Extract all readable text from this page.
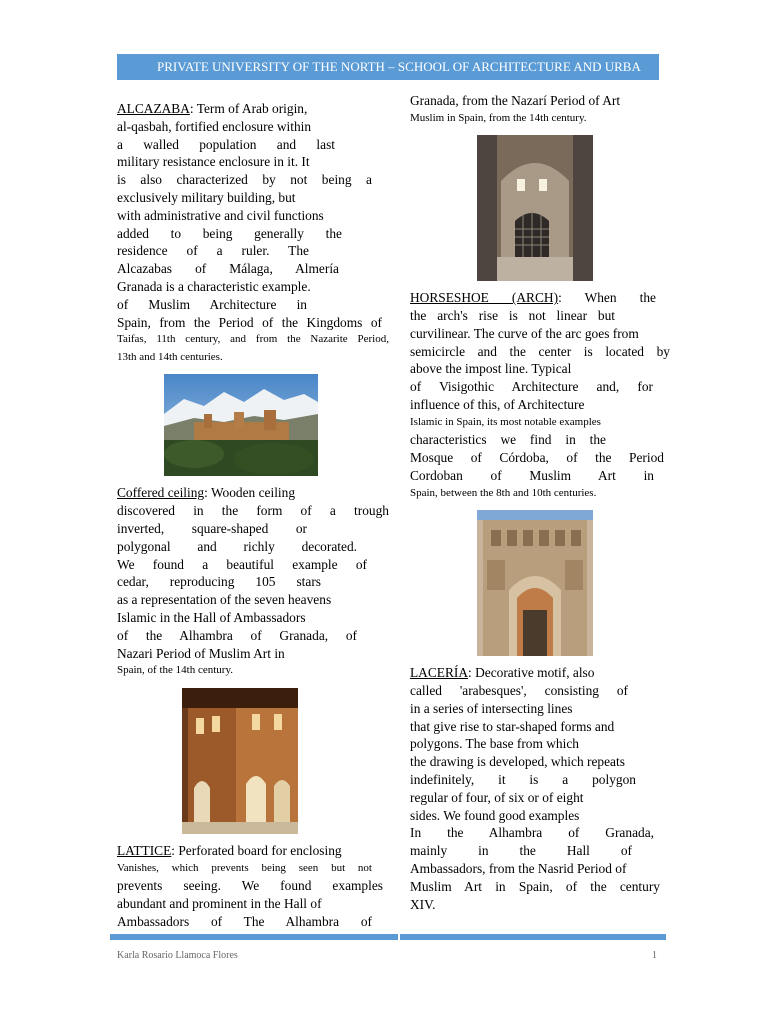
PRIVATE UNIVERSITY OF THE NORTH – SCHOOL OF ARCHITECTURE AND URBA
ALCAZABA: Term of Arab origin,
al-qasbah, fortified enclosure within
a walled population and last
military resistance enclosure in it. It
is also characterized by not being a
exclusively military building, but
with administrative and civil functions
added to being generally the
residence of a ruler. The
Alcazabas of Málaga, Almería
Granada is a characteristic example.
of Muslim Architecture in
Spain, from the Period of the Kingdoms of
Taifas, 11th century, and from the Nazarite Period,
13th and 14th centuries.
Coffered ceiling: Wooden ceiling
discovered in the form of a trough
inverted, square-shaped or
polygonal and richly decorated.
We found a beautiful example of
cedar, reproducing 105 stars
as a representation of the seven heavens
Islamic in the Hall of Ambassadors
of the Alhambra of Granada, of
Nazari Period of Muslim Art in
Spain, of the 14th century.
LATTICE: Perforated board for enclosing
Vanishes, which prevents being seen but not
prevents seeing. We found examples
abundant and prominent in the Hall of
Ambassadors of The Alhambra of
Granada, from the Nazarí Period of Art
Muslim in Spain, from the 14th century.
HORSESHOE (ARCH): When the
the arch's rise is not linear but
curvilinear. The curve of the arc goes from
semicircle and the center is located by
above the impost line. Typical
of Visigothic Architecture and, for
influence of this, of Architecture
Islamic in Spain, its most notable examples
characteristics we find in the
Mosque of Córdoba, of the Period
Cordoban of Muslim Art in
Spain, between the 8th and 10th centuries.
LACERÍA: Decorative motif, also
called 'arabesques', consisting of
in a series of intersecting lines
that give rise to star-shaped forms and
polygons. The base from which
the drawing is developed, which repeats
indefinitely, it is a polygon
regular of four, of six or of eight
sides. We found good examples
In the Alhambra of Granada,
mainly in the Hall of
Ambassadors, from the Nasrid Period of
Muslim Art in Spain, of the century
XIV.
Karla Rosario Llamoca Flores	1
